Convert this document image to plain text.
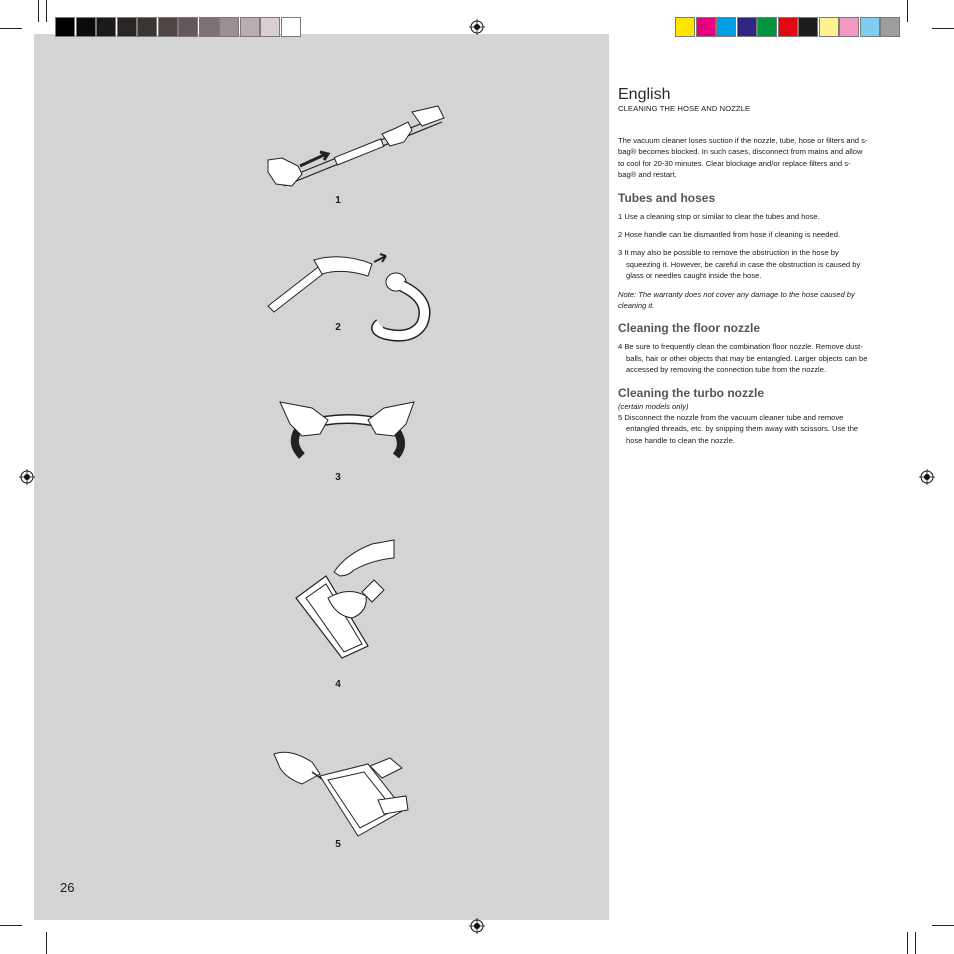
1
2
3
4
5
26

English

CLEANING THE HOSE AND NOZZLE

The vacuum cleaner loses suction if the nozzle, tube, hose or filters and s-bag® becomes blocked. In such cases, disconnect from mains and allow to cool for 20-30 minutes. Clear blockage and/or replace filters and s-bag® and restart.

Tubes and hoses

1 Use a cleaning strip or similar to clear the tubes and hose.

2 Hose handle can be dismantled from hose if cleaning is needed.

3 It may also be possible to remove the obstruction in the hose by squeezing it. However, be careful in case the obstruction is caused by glass or needles caught inside the hose.

Note: The warranty does not cover any damage to the hose caused by cleaning it.

Cleaning the floor nozzle

4 Be sure to frequently clean the combination floor nozzle. Remove dust-balls, hair or other objects that may be entangled. Larger objects can be accessed by removing the connection tube from the nozzle.

Cleaning the turbo nozzle

(certain models only)

5 Disconnect the nozzle from the vacuum cleaner tube and remove entangled threads, etc. by snipping them away with scissors. Use the hose handle to clean the nozzle.
